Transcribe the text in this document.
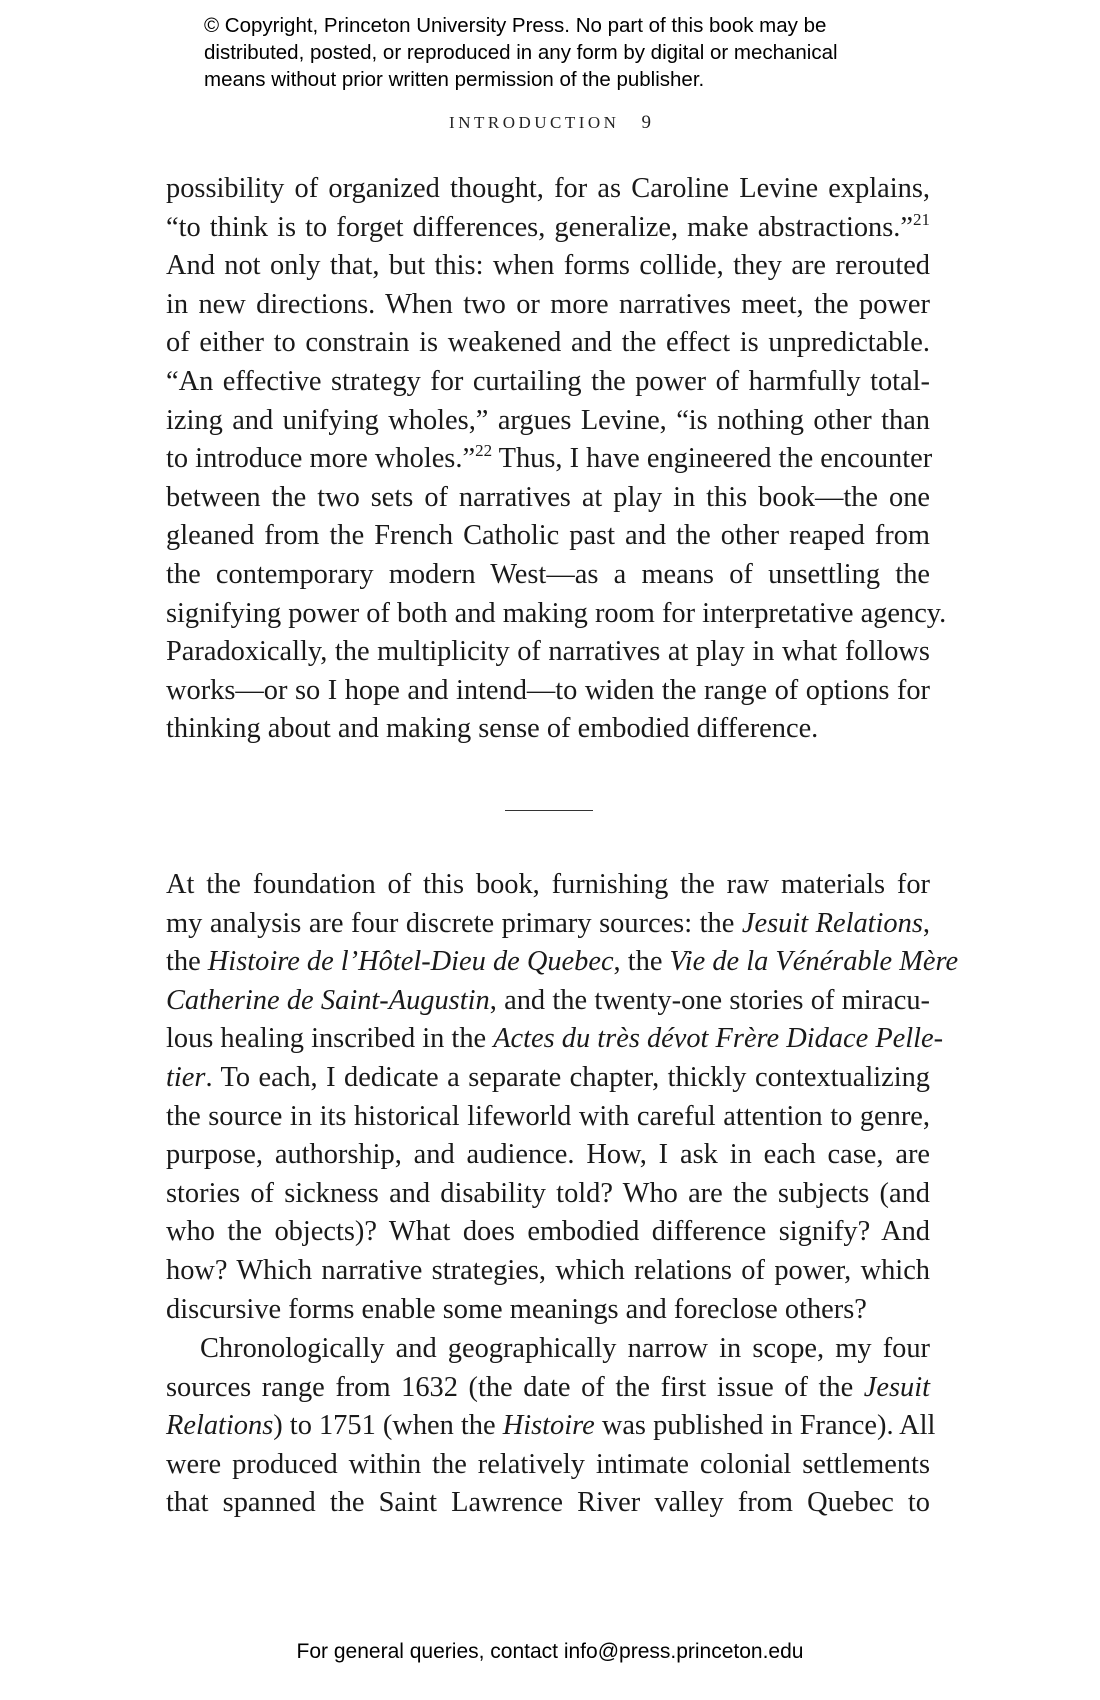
© Copyright, Princeton University Press. No part of this book may be
distributed, posted, or reproduced in any form by digital or mechanical
means without prior written permission of the publisher.
INTRODUCTION 9
possibility of organized thought, for as Caroline Levine explains,
“to think is to forget differences, generalize, make abstractions.”$^{21}$
And not only that, but this: when forms collide, they are rerouted
in new directions. When two or more narratives meet, the power
of either to constrain is weakened and the effect is unpredictable.
“An effective strategy for curtailing the power of harmfully total-
izing and unifying wholes,” argues Levine, “is nothing other than
to introduce more wholes.”$^{22}$ Thus, I have engineered the encounter
between the two sets of narratives at play in this book—the one
gleaned from the French Catholic past and the other reaped from
the contemporary modern West—as a means of unsettling the
signifying power of both and making room for interpretative agency.
Paradoxically, the multiplicity of narratives at play in what follows
works—or so I hope and intend—to widen the range of options for
thinking about and making sense of embodied difference.
At the foundation of this book, furnishing the raw materials for
my analysis are four discrete primary sources: the Jesuit Relations,
the Histoire de l’Hôtel-Dieu de Quebec, the Vie de la Vénérable Mère
Catherine de Saint-Augustin, and the twenty-one stories of miracu-
lous healing inscribed in the Actes du très dévot Frère Didace Pelle-
tier. To each, I dedicate a separate chapter, thickly contextualizing
the source in its historical lifeworld with careful attention to genre,
purpose, authorship, and audience. How, I ask in each case, are
stories of sickness and disability told? Who are the subjects (and
who the objects)? What does embodied difference signify? And
how? Which narrative strategies, which relations of power, which
discursive forms enable some meanings and foreclose others?
Chronologically and geographically narrow in scope, my four
sources range from 1632 (the date of the first issue of the Jesuit
Relations) to 1751 (when the Histoire was published in France). All
were produced within the relatively intimate colonial settlements
that spanned the Saint Lawrence River valley from Quebec to
For general queries, contact info@press.princeton.edu
